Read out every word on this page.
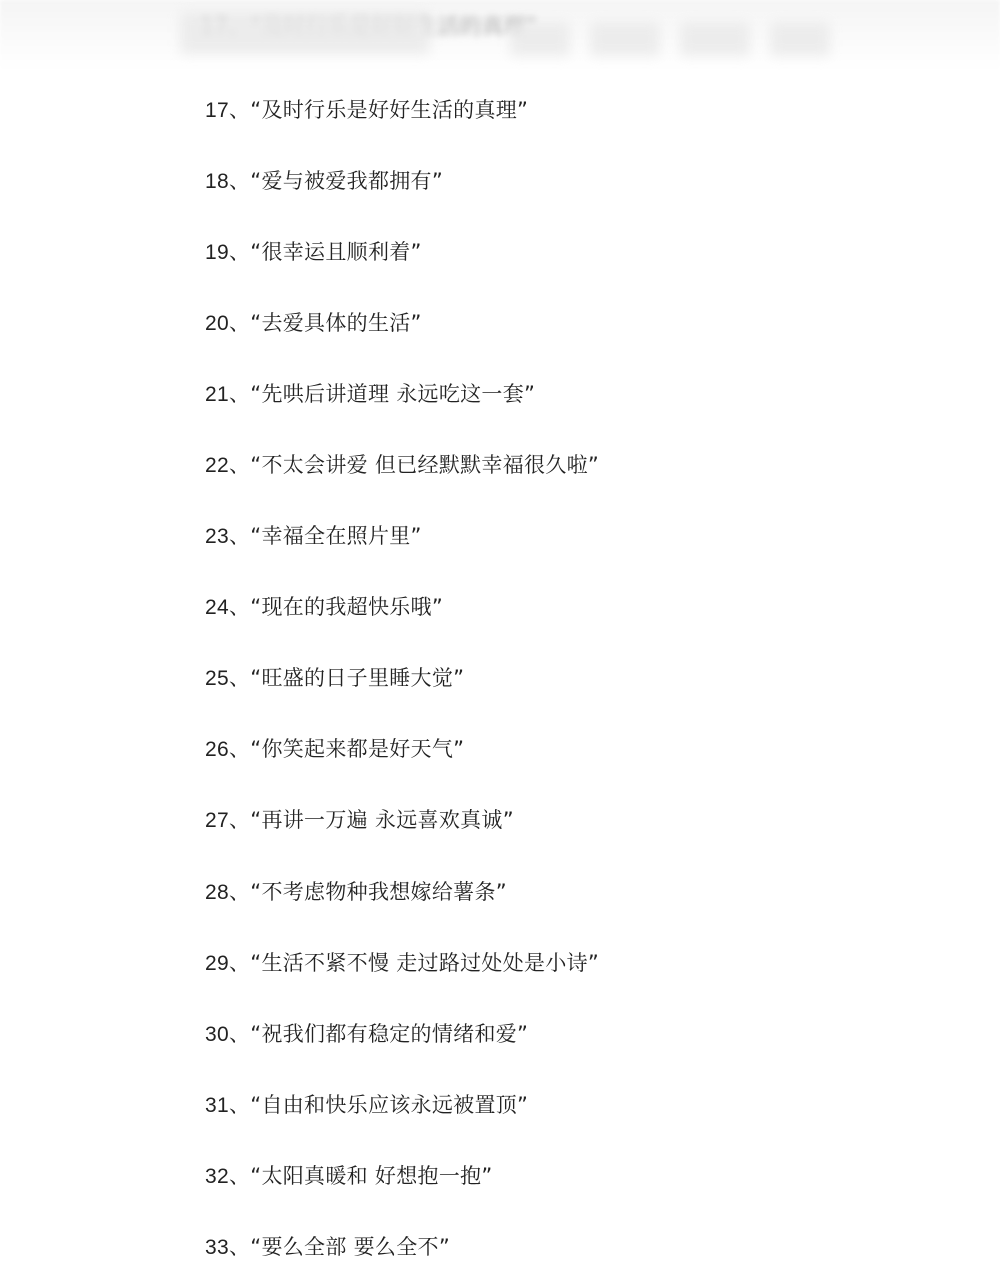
17、 “及时行乐是好好生活的真理”
18、 “爱与被爱我都拥有”
19、 “很幸运且顺利着”
20、 “去爱具体的生活”
21、 “先哄后讲道理 永远吃这一套”
22、 “不太会讲爱 但已经默默幸福很久啦”
23、 “幸福全在照片里”
24、 “现在的我超快乐哦”
25、 “旺盛的日子里睡大觉”
26、 “你笑起来都是好天气”
27、 “再讲一万遍 永远喜欢真诚”
28、 “不考虑物种我想嫁给薯条”
29、 “生活不紧不慢 走过路过处处是小诗”
30、 “祝我们都有稳定的情绪和爱”
31、 “自由和快乐应该永远被置顶”
32、 “太阳真暖和 好想抱一抱”
33、 “要么全部 要么全不”
